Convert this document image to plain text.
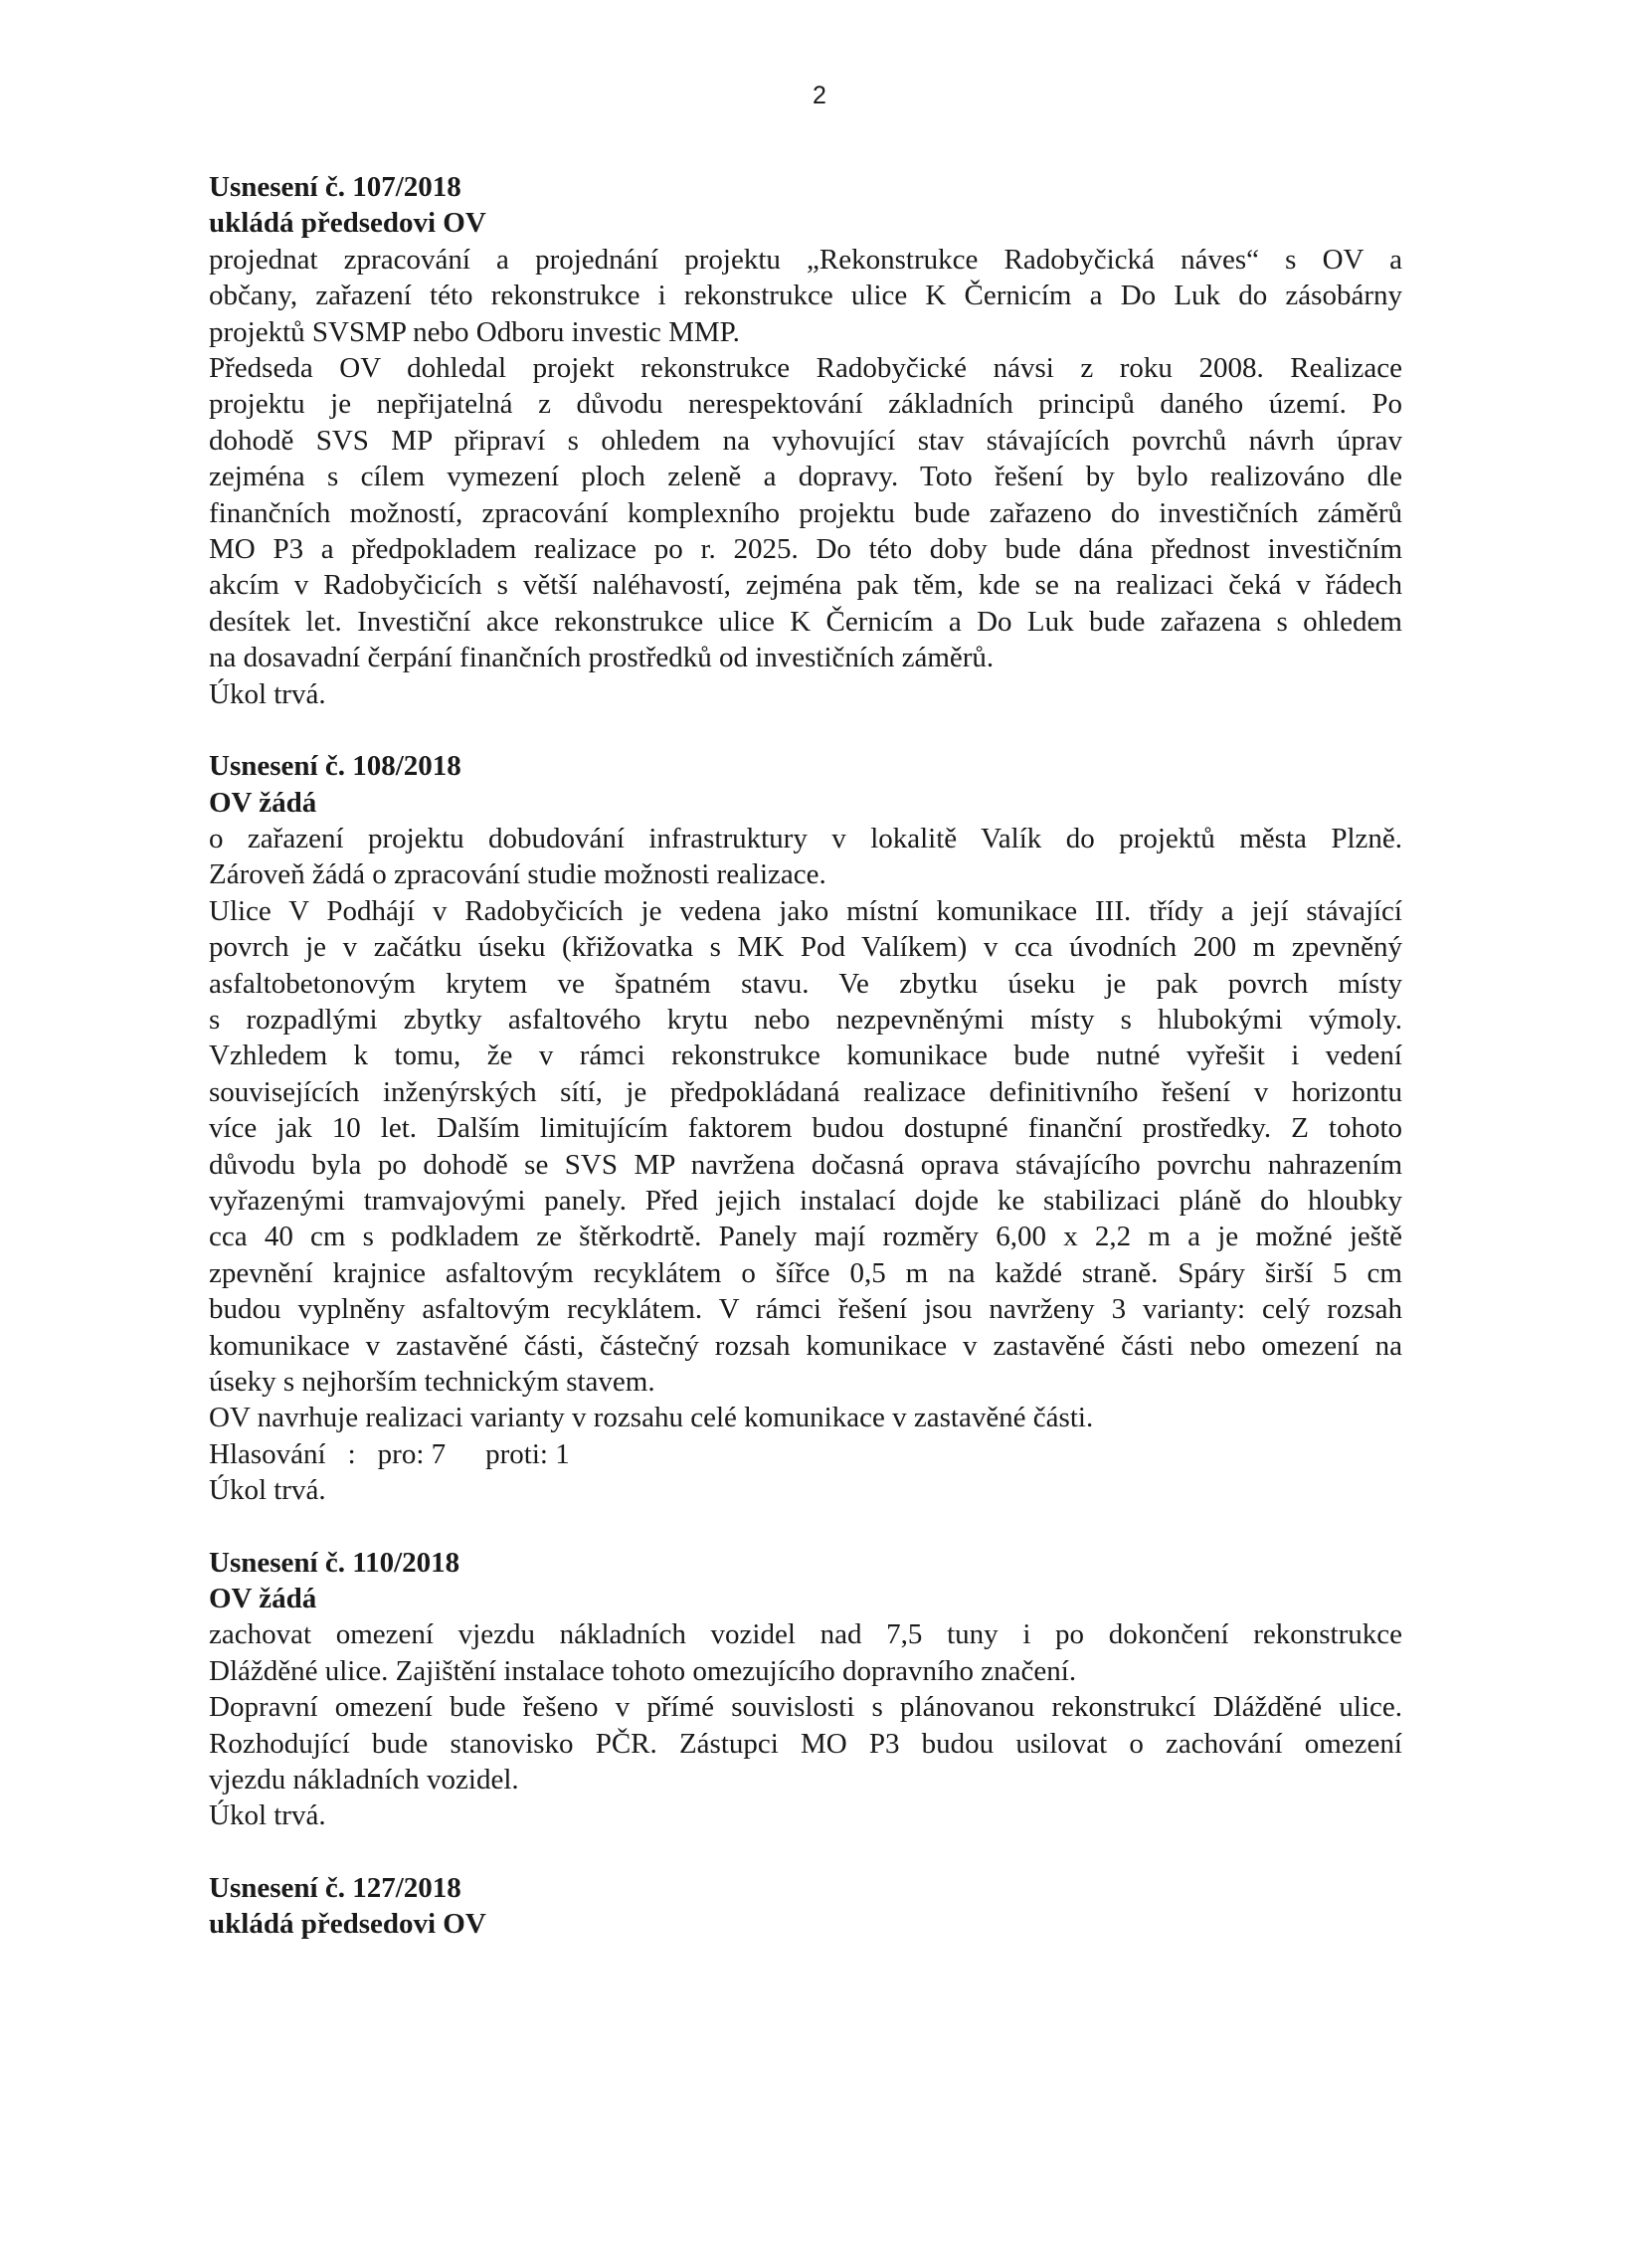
2
Usnesení č. 107/2018
ukládá předsedovi OV
projednat zpracování a projednání projektu „Rekonstrukce Radobyčická náves“ s OV a
občany, zařazení této rekonstrukce i rekonstrukce ulice K Černicím a Do Luk do zásobárny
projektů SVSMP nebo Odboru investic MMP.
Předseda OV dohledal projekt rekonstrukce Radobyčické návsi z roku 2008. Realizace
projektu je nepřijatelná z důvodu nerespektování základních principů daného území. Po
dohodě SVS MP připraví s ohledem na vyhovující stav stávajících povrchů návrh úprav
zejména s cílem vymezení ploch zeleně a dopravy. Toto řešení by bylo realizováno dle
finančních možností, zpracování komplexního projektu bude zařazeno do investičních záměrů
MO P3 a předpokladem realizace po r. 2025. Do této doby bude dána přednost investičním
akcím v Radobyčicích s větší naléhavostí, zejména pak těm, kde se na realizaci čeká v řádech
desítek let. Investiční akce rekonstrukce ulice K Černicím a Do Luk bude zařazena s ohledem
na dosavadní čerpání finančních prostředků od investičních záměrů.
Úkol trvá.
Usnesení č. 108/2018
OV žádá
o zařazení projektu dobudování infrastruktury v lokalitě Valík do projektů města Plzně.
Zároveň žádá o zpracování studie možnosti realizace.
Ulice V Podhájí v Radobyčicích je vedena jako místní komunikace III. třídy a její stávající
povrch je v začátku úseku (křižovatka s MK Pod Valíkem) v cca úvodních 200 m zpevněný
asfaltobetonovým krytem ve špatném stavu. Ve zbytku úseku je pak povrch místy
s rozpadlými zbytky asfaltového krytu nebo nezpevněnými místy s hlubokými výmoly.
Vzhledem k tomu, že v rámci rekonstrukce komunikace bude nutné vyřešit i vedení
souvisejících inženýrských sítí, je předpokládaná realizace definitivního řešení v horizontu
více jak 10 let. Dalším limitujícím faktorem budou dostupné finanční prostředky. Z tohoto
důvodu byla po dohodě se SVS MP navržena dočasná oprava stávajícího povrchu nahrazením
vyřazenými tramvajovými panely. Před jejich instalací dojde ke stabilizaci pláně do hloubky
cca 40 cm s podkladem ze štěrkodrtě. Panely mají rozměry 6,00 x 2,2 m a je možné ještě
zpevnění krajnice asfaltovým recyklátem o šířce 0,5 m na každé straně. Spáry širší 5 cm
budou vyplněny asfaltovým recyklátem. V rámci řešení jsou navrženy 3 varianty: celý rozsah
komunikace v zastavěné části, částečný rozsah komunikace v zastavěné části nebo omezení na
úseky s nejhorším technickým stavem.
OV navrhuje realizaci varianty v rozsahu celé komunikace v zastavěné části.
Hlasování : pro: 7 proti: 1
Úkol trvá.
Usnesení č. 110/2018
OV žádá
zachovat omezení vjezdu nákladních vozidel nad 7,5 tuny i po dokončení rekonstrukce
Dlážděné ulice. Zajištění instalace tohoto omezujícího dopravního značení.
Dopravní omezení bude řešeno v přímé souvislosti s plánovanou rekonstrukcí Dlážděné ulice.
Rozhodující bude stanovisko PČR. Zástupci MO P3 budou usilovat o zachování omezení
vjezdu nákladních vozidel.
Úkol trvá.
Usnesení č. 127/2018
ukládá předsedovi OV
